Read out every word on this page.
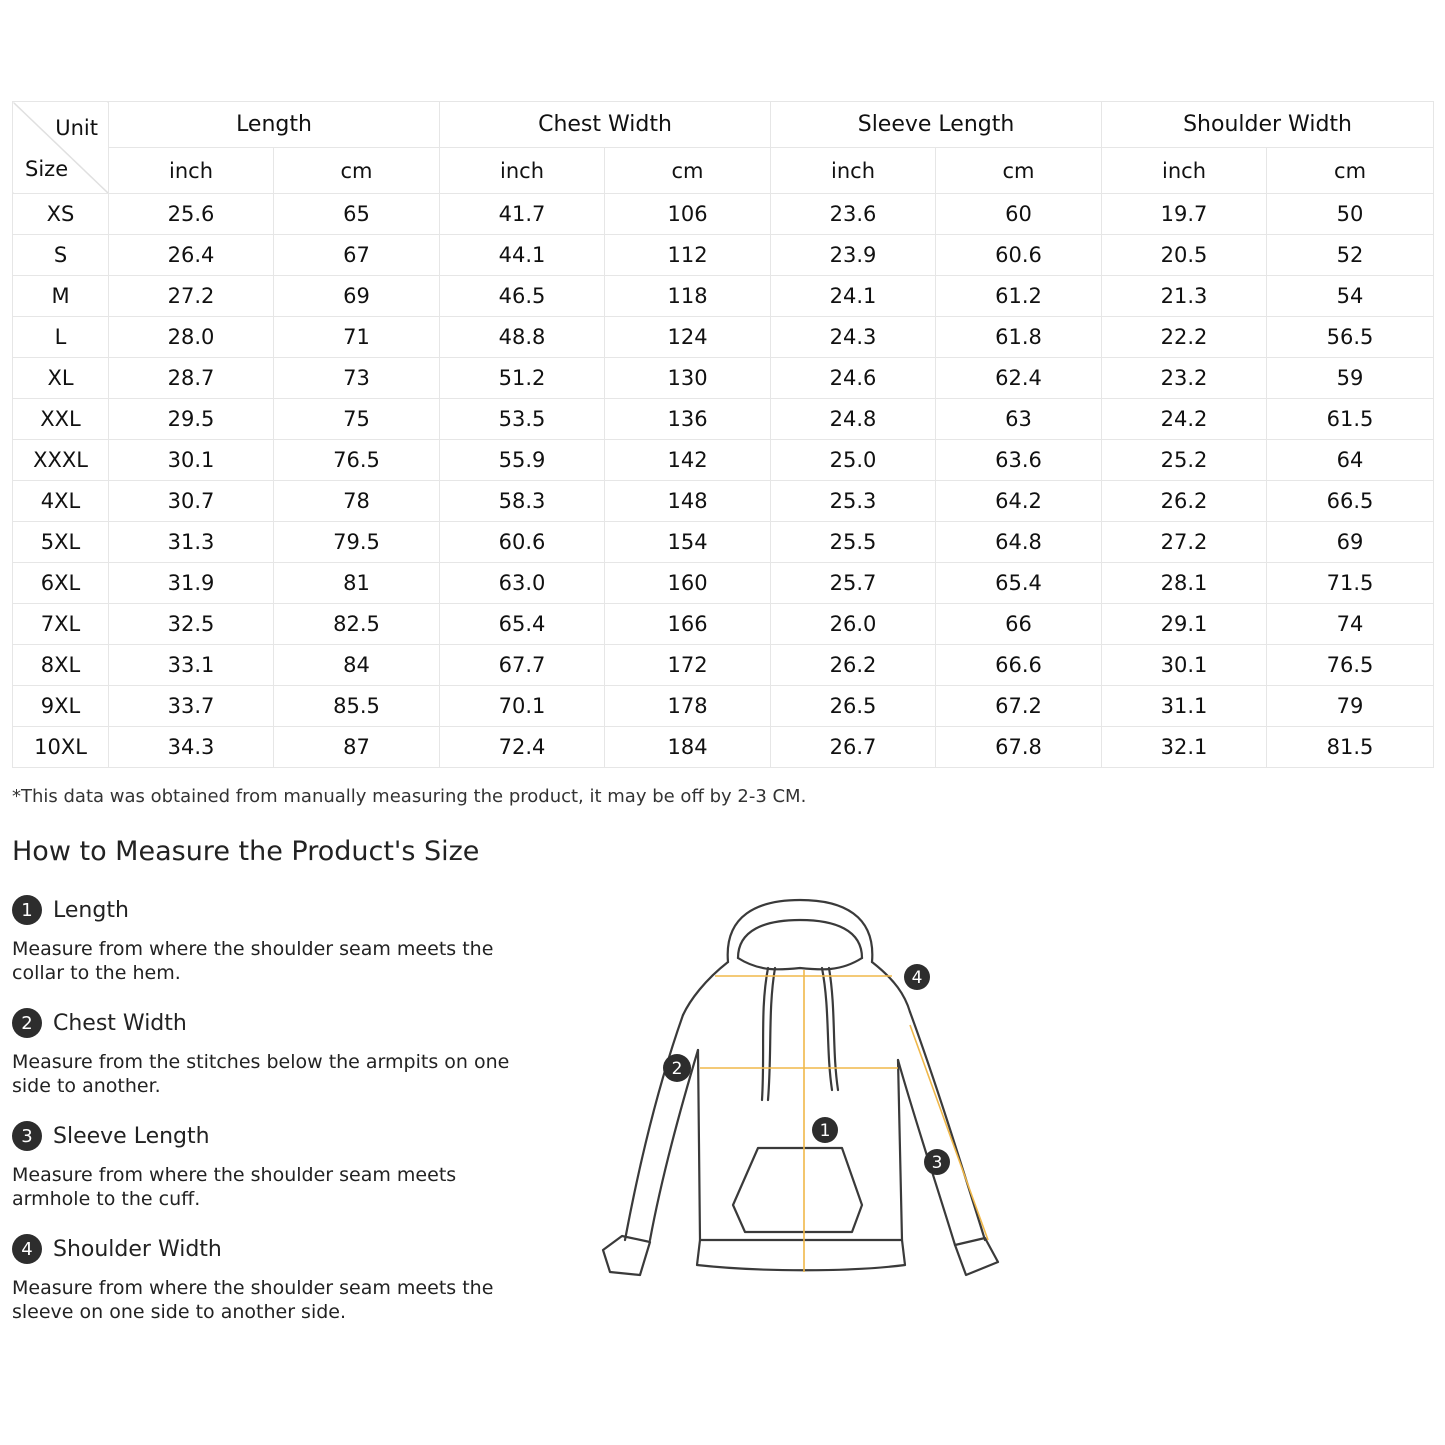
Unit
Size	Length		Chest Width		Sleeve Length		Shoulder Width	
	inch	cm	inch	cm	inch	cm	inch	cm
XS	25.6	65	41.7	106	23.6	60	19.7	50
S	26.4	67	44.1	112	23.9	60.6	20.5	52
M	27.2	69	46.5	118	24.1	61.2	21.3	54
L	28.0	71	48.8	124	24.3	61.8	22.2	56.5
XL	28.7	73	51.2	130	24.6	62.4	23.2	59
XXL	29.5	75	53.5	136	24.8	63	24.2	61.5
XXXL	30.1	76.5	55.9	142	25.0	63.6	25.2	64
4XL	30.7	78	58.3	148	25.3	64.2	26.2	66.5
5XL	31.3	79.5	60.6	154	25.5	64.8	27.2	69
6XL	31.9	81	63.0	160	25.7	65.4	28.1	71.5
7XL	32.5	82.5	65.4	166	26.0	66	29.1	74
8XL	33.1	84	67.7	172	26.2	66.6	30.1	76.5
9XL	33.7	85.5	70.1	178	26.5	67.2	31.1	79
10XL	34.3	87	72.4	184	26.7	67.8	32.1	81.5
*This data was obtained from manually measuring the product, it may be off by 2-3 CM.
How to Measure the Product's Size
1 Length
Measure from where the shoulder seam meets the collar to the hem.
2 Chest Width
Measure from the stitches below the armpits on one side to another.
3 Sleeve Length
Measure from where the shoulder seam meets armhole to the cuff.
4 Shoulder Width
Measure from where the shoulder seam meets the sleeve on one side to another side.
1
2
3
4
